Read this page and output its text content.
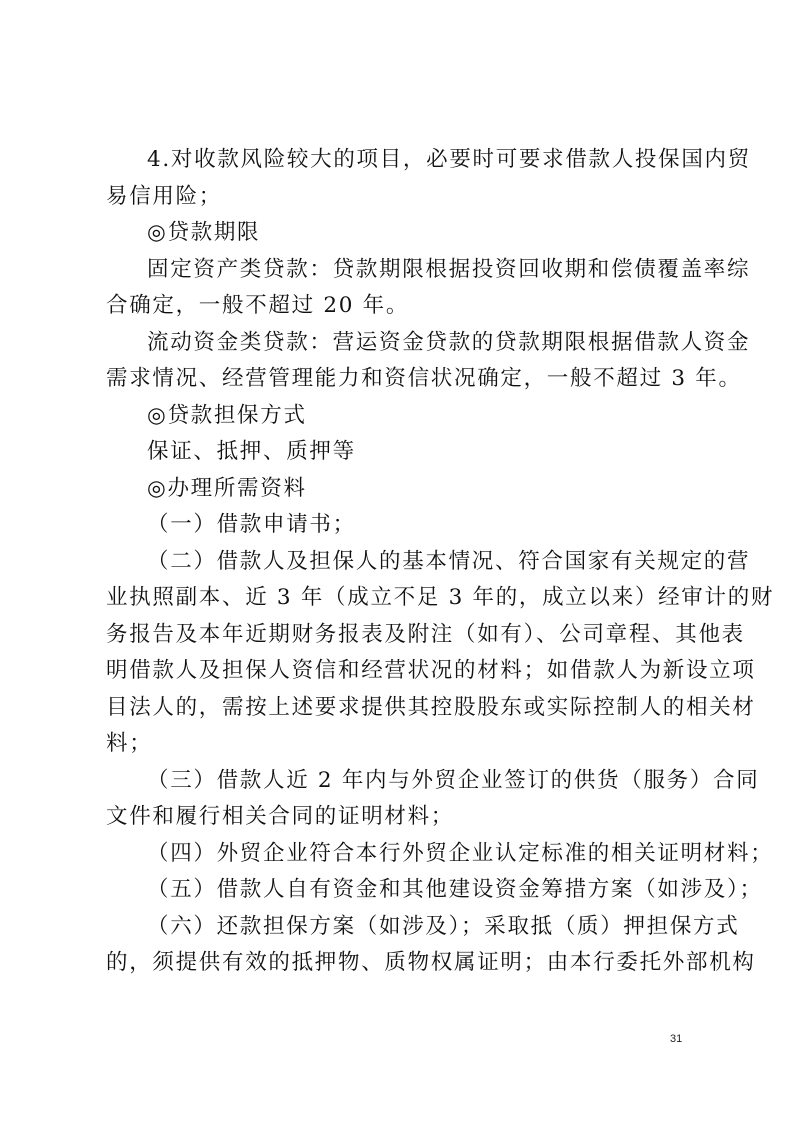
4.对收款风险较大的项目，必要时可要求借款人投保国内贸
易信用险；
◎贷款期限
固定资产类贷款：贷款期限根据投资回收期和偿债覆盖率综
合确定，一般不超过 20 年。
流动资金类贷款：营运资金贷款的贷款期限根据借款人资金
需求情况、经营管理能力和资信状况确定，一般不超过 3 年。
◎贷款担保方式
保证、抵押、质押等
◎办理所需资料
（一）借款申请书；
（二）借款人及担保人的基本情况、符合国家有关规定的营
业执照副本、近 3 年（成立不足 3 年的，成立以来）经审计的财
务报告及本年近期财务报表及附注（如有）、公司章程、其他表
明借款人及担保人资信和经营状况的材料；如借款人为新设立项
目法人的，需按上述要求提供其控股股东或实际控制人的相关材
料；
（三）借款人近 2 年内与外贸企业签订的供货（服务）合同
文件和履行相关合同的证明材料；
（四）外贸企业符合本行外贸企业认定标准的相关证明材料；
（五）借款人自有资金和其他建设资金筹措方案（如涉及）；
（六）还款担保方案（如涉及）；采取抵（质）押担保方式
的，须提供有效的抵押物、质物权属证明；由本行委托外部机构
31
